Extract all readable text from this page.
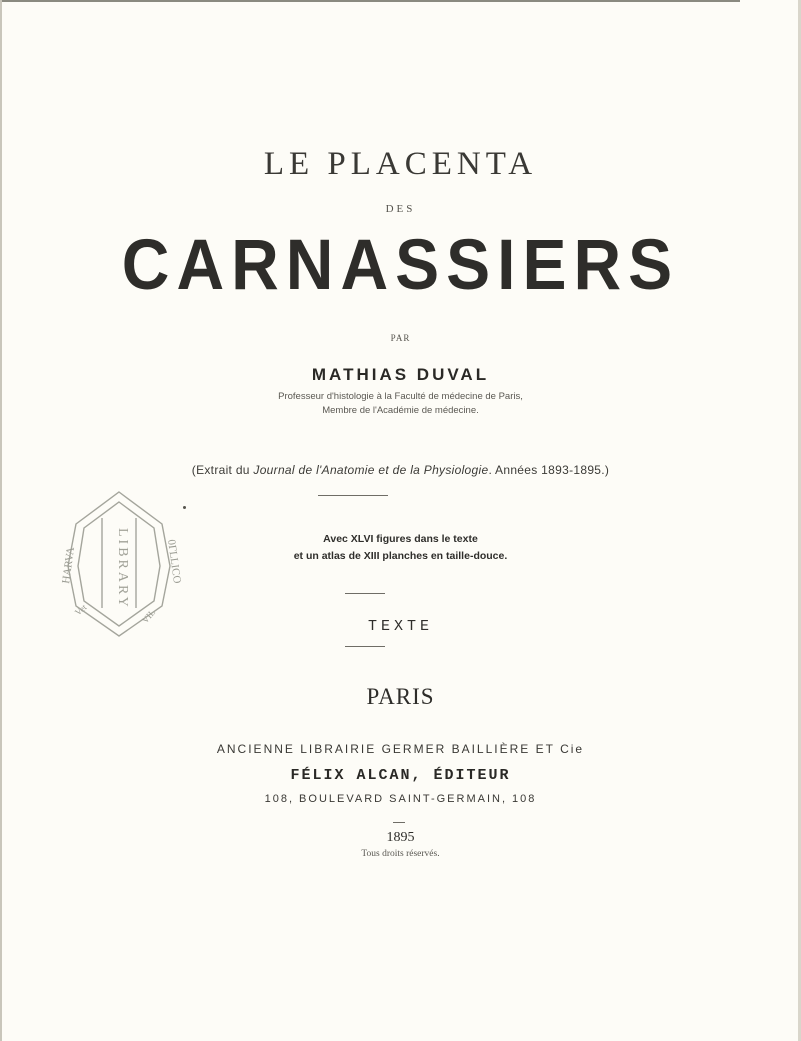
LE PLACENTA
DES
CARNASSIERS
PAR
MATHIAS DUVAL
Professeur d'histologie à la Faculté de médecine de Paris,
Membre de l'Académie de médecine.
(Extrait du Journal de l'Anatomie et de la Physiologie. Années 1893-1895.)
HARVA	0ΓLLICO
LIBRARY
Vet	VIL
Avec XLVI figures dans le texte
et un atlas de XIII planches en taille-douce.
TEXTE
PARIS
ANCIENNE LIBRAIRIE GERMER BAILLIÈRE ET Cie
FÉLIX ALCAN, ÉDITEUR
108, BOULEVARD SAINT-GERMAIN, 108
1895
Tous droits réservés.
